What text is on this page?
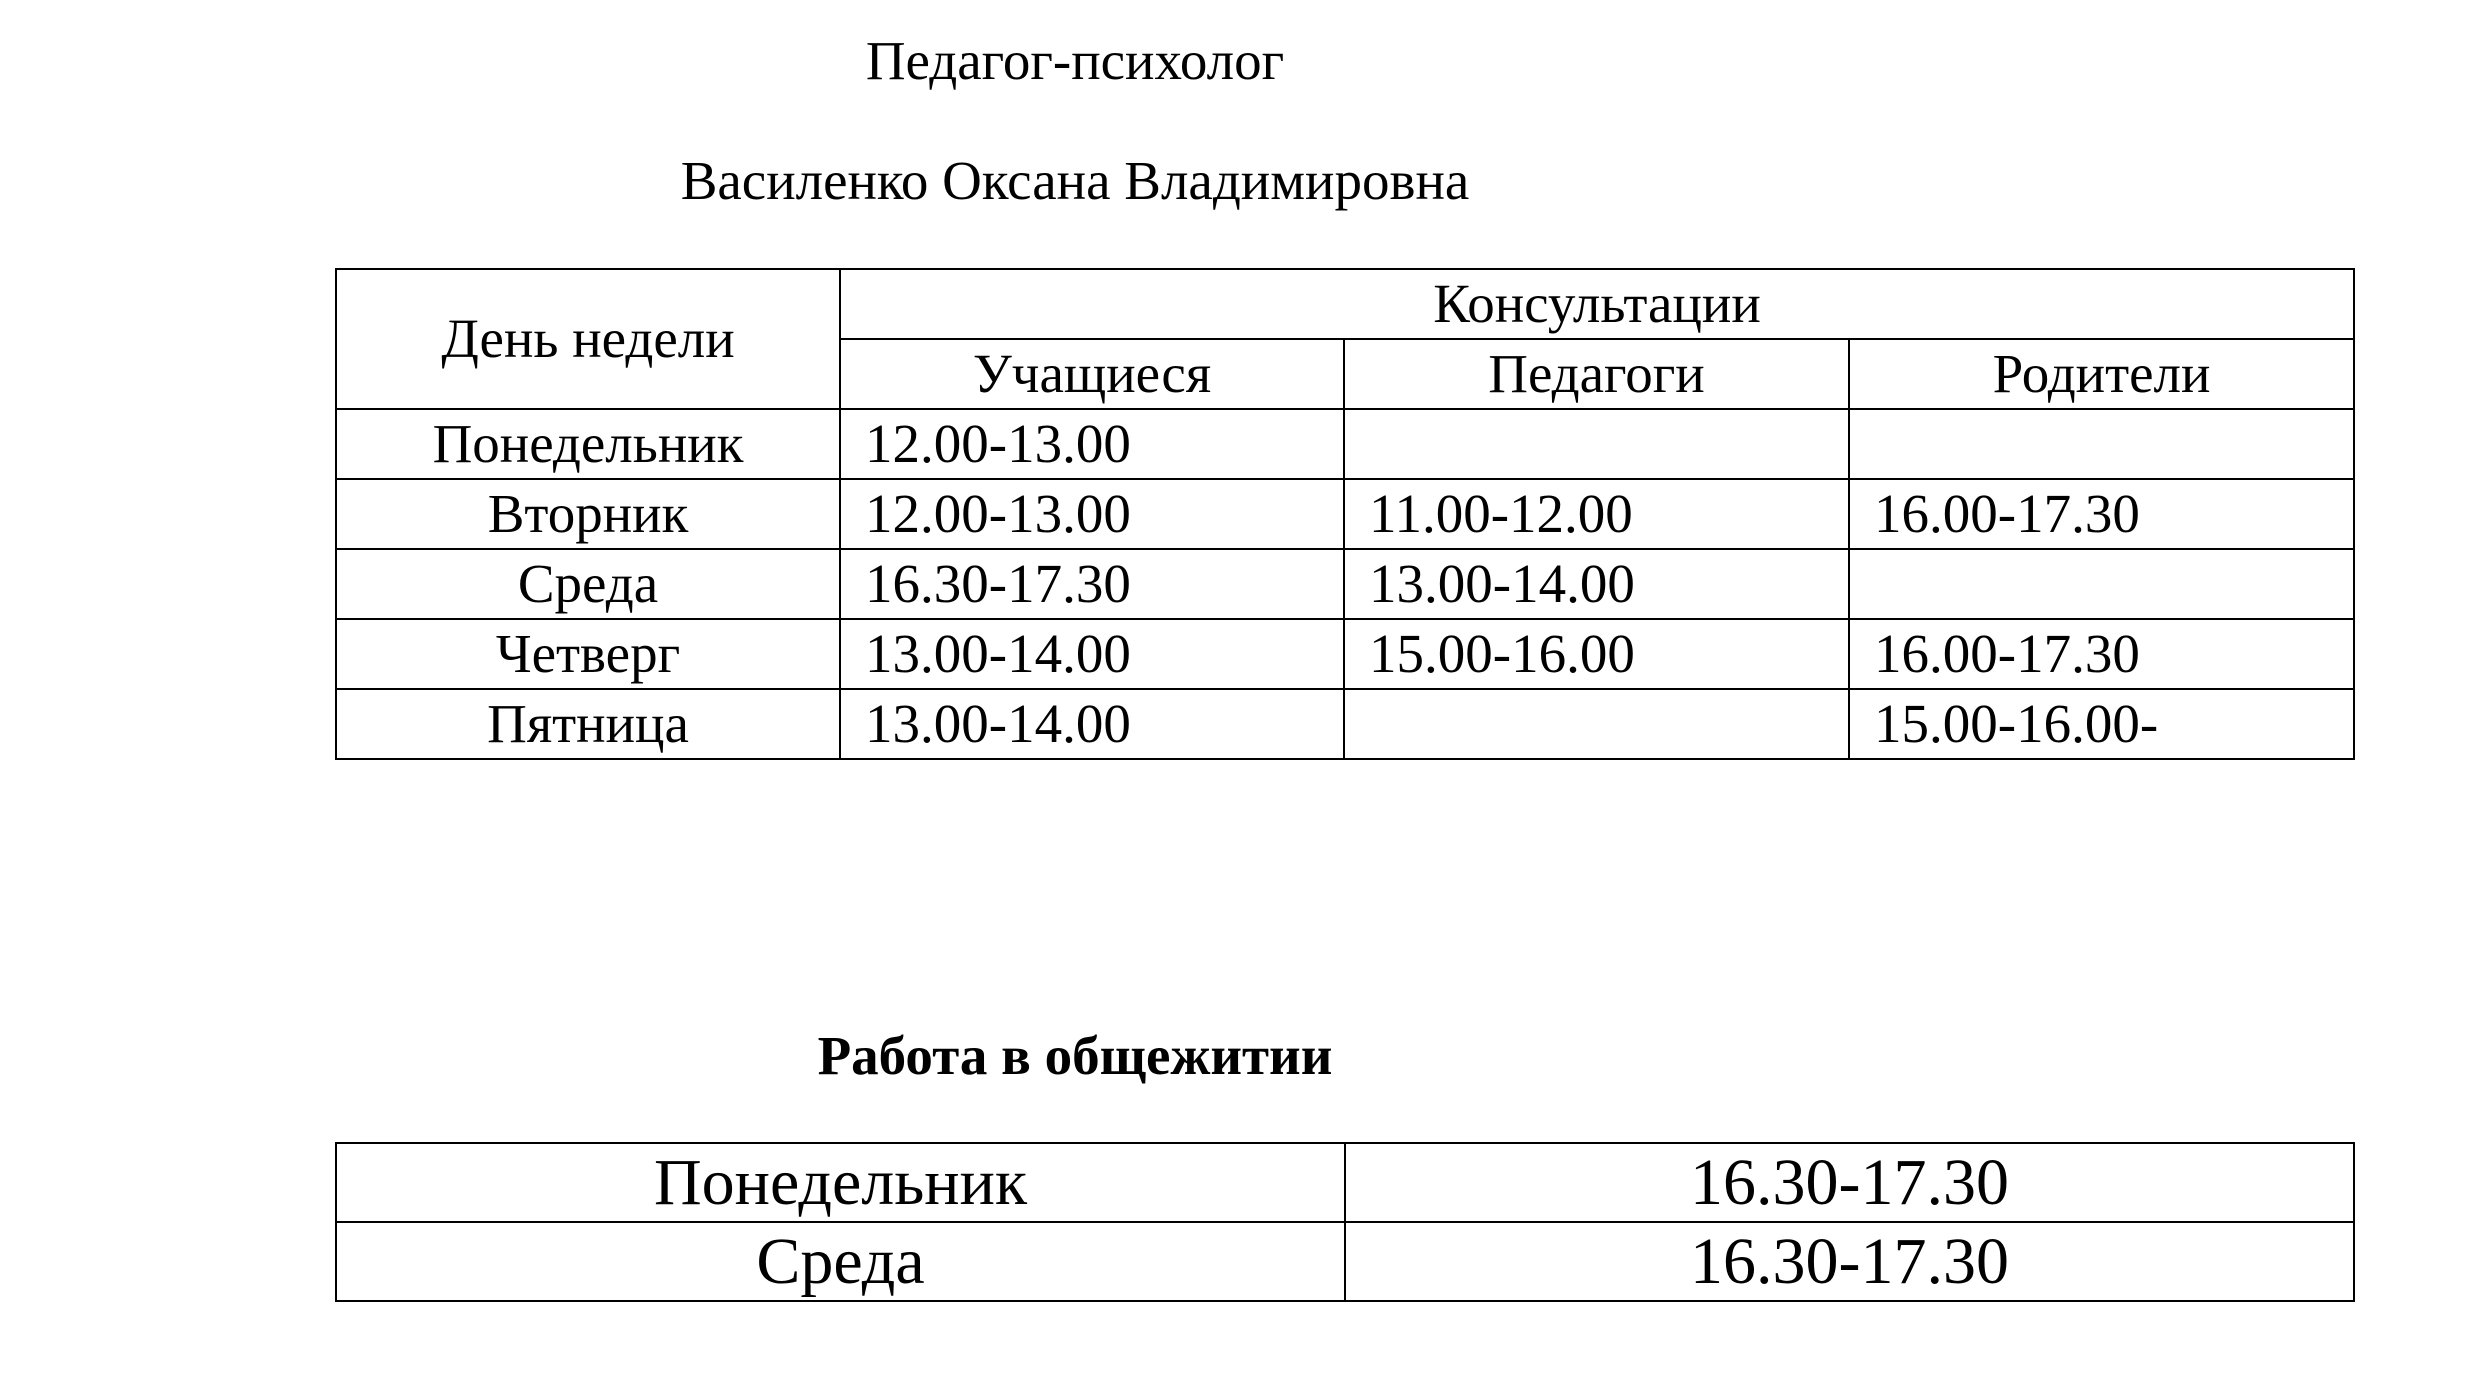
Педагог-психолог
Василенко Оксана Владимировна
День недели	Консультации		
	Учащиеся	Педагоги	Родители
Понедельник	12.00-13.00		
Вторник	12.00-13.00	11.00-12.00	16.00-17.30
Среда	16.30-17.30	13.00-14.00	
Четверг	13.00-14.00	15.00-16.00	16.00-17.30
Пятница	13.00-14.00		15.00-16.00-
Работа в общежитии
Понедельник	16.30-17.30
Среда	16.30-17.30
